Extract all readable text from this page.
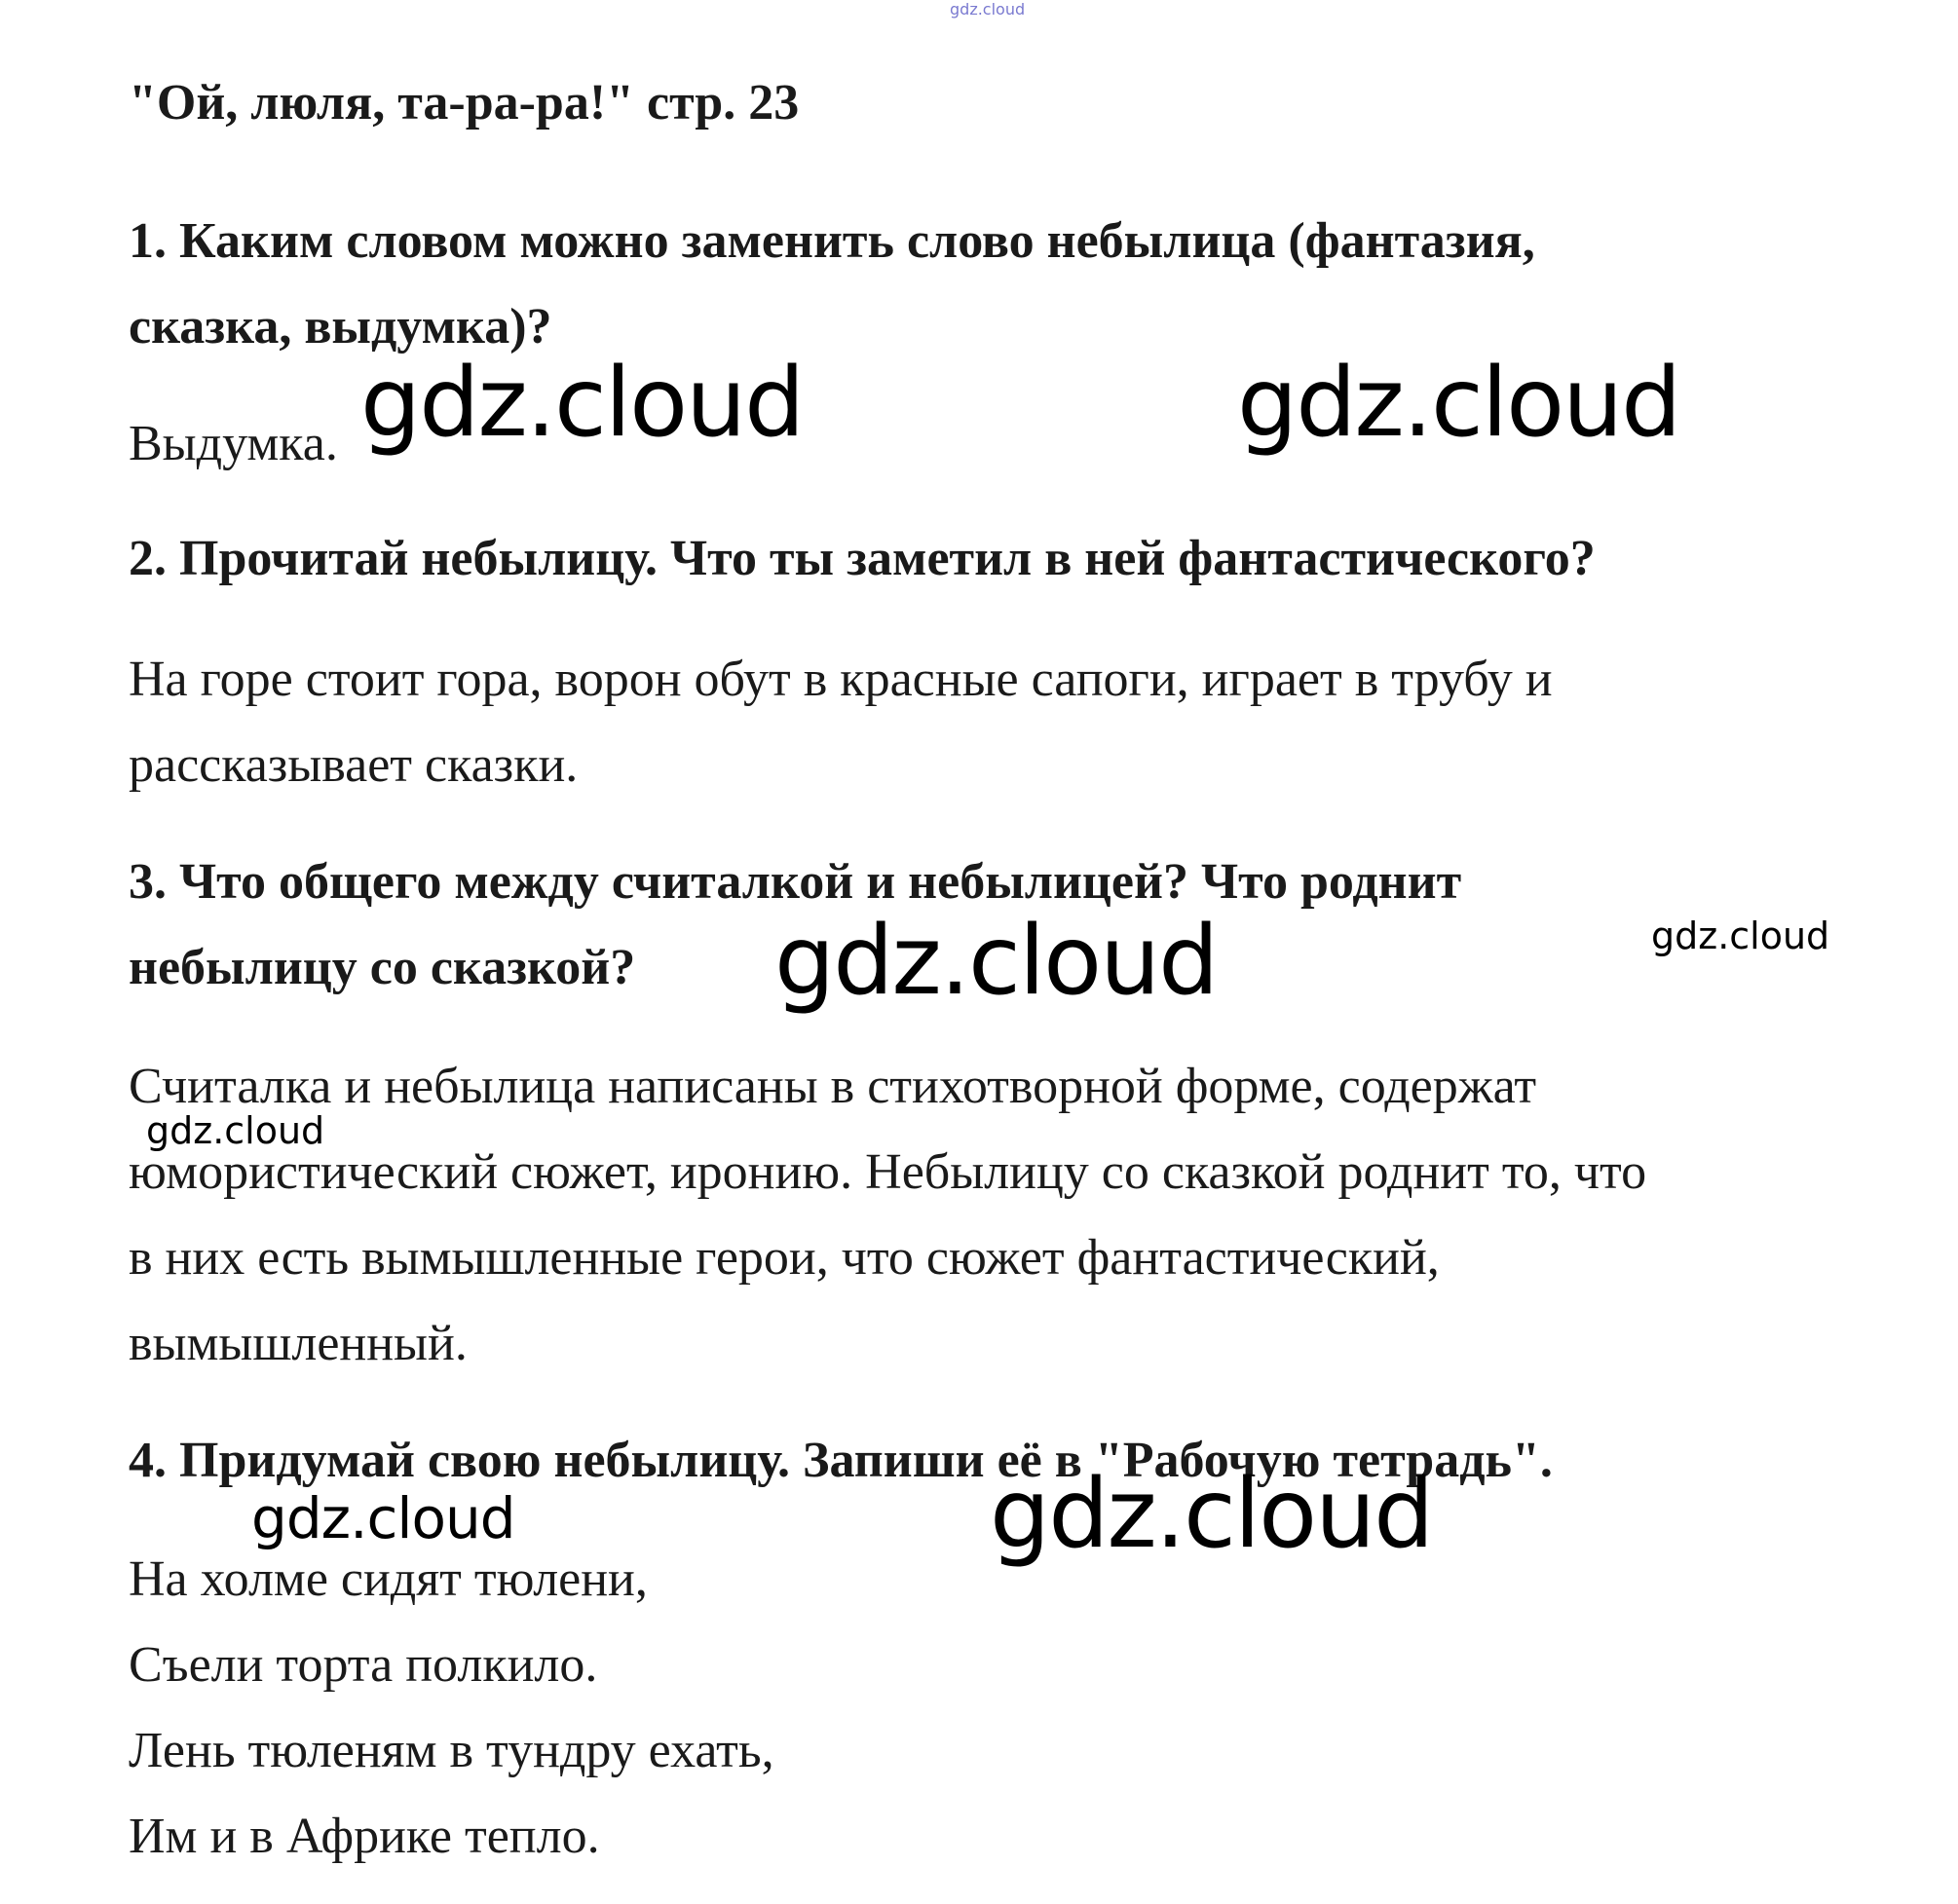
gdz.cloud
"Ой, люля, та-ра-ра!" стр. 23
1. Каким словом можно заменить слово небылица (фантазия,
сказка, выдумка)?
Выдумка.
2. Прочитай небылицу. Что ты заметил в ней фантастического?
На горе стоит гора, ворон обут в красные сапоги, играет в трубу и
рассказывает сказки.
3. Что общего между считалкой и небылицей? Что роднит
небылицу со сказкой?
Считалка и небылица написаны в стихотворной форме, содержат
юмористический сюжет, иронию. Небылицу со сказкой роднит то, что
в них есть вымышленные герои, что сюжет фантастический,
вымышленный.
4. Придумай свою небылицу. Запиши её в "Рабочую тетрадь".
На холме сидят тюлени,
Съели торта полкило.
Лень тюленям в тундру ехать,
Им и в Африке тепло.
gdz.cloud	gdz.cloud
gdz.cloud	gdz.cloud
gdz.cloud
gdz.cloud	gdz.cloud
